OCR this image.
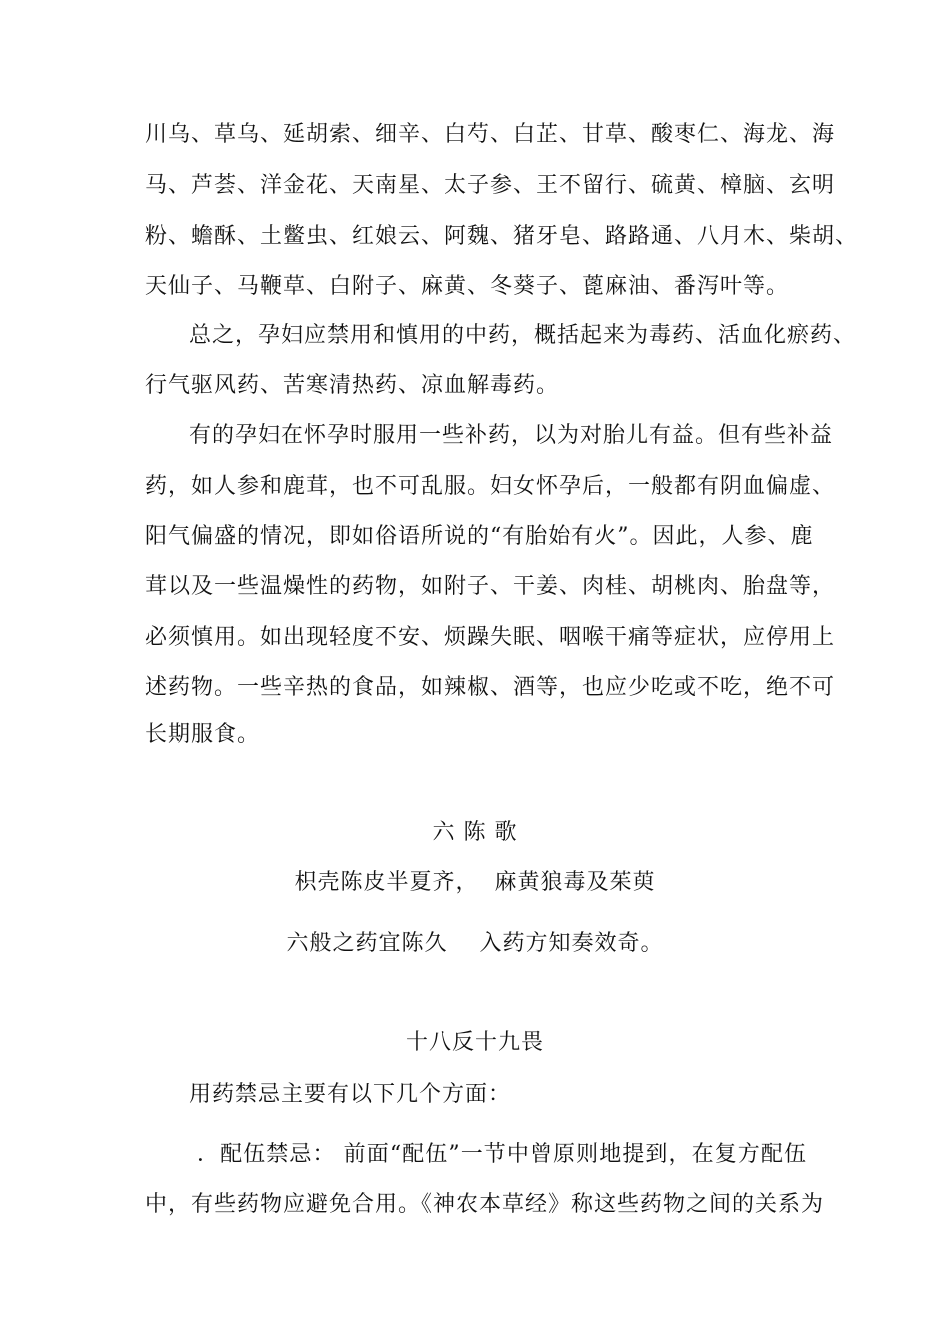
川乌、草乌、延胡索、细辛、白芍、白芷、甘草、酸枣仁、海龙、海
马、芦荟、洋金花、天南星、太子参、王不留行、硫黄、樟脑、玄明
粉、蟾酥、土鳖虫、红娘云、阿魏、猪牙皂、路路通、八月木、柴胡、
天仙子、马鞭草、白附子、麻黄、冬葵子、蓖麻油、番泻叶等。
总之，孕妇应禁用和慎用的中药，概括起来为毒药、活血化瘀药、
行气驱风药、苦寒清热药、凉血解毒药。
有的孕妇在怀孕时服用一些补药，以为对胎儿有益。但有些补益
药，如人参和鹿茸，也不可乱服。妇女怀孕后，一般都有阴血偏虚、
阳气偏盛的情况，即如俗语所说的“有胎始有火”。因此，人参、鹿
茸以及一些温燥性的药物，如附子、干姜、肉桂、胡桃肉、胎盘等，
必须慎用。如出现轻度不安、烦躁失眠、咽喉干痛等症状，应停用上
述药物。一些辛热的食品，如辣椒、酒等，也应少吃或不吃，绝不可
长期服食。
六 陈 歌
枳壳陈皮半夏齐，  麻黄狼毒及茱萸
六般之药宜陈久    入药方知奏效奇。
十八反十九畏
用药禁忌主要有以下几个方面：
．配伍禁忌： 前面“配伍”一节中曾原则地提到，在复方配伍
中，有些药物应避免合用。《神农本草经》称这些药物之间的关系为
